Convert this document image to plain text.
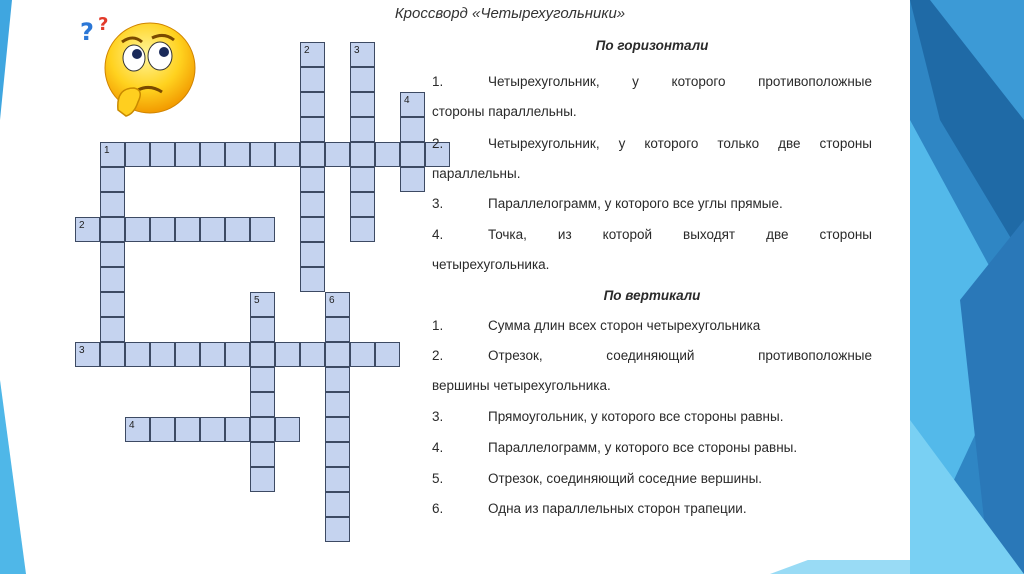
Кроссворд «Четырехугольники»
? ?
1
2
3
4
2	3
4
5	6
По горизонтали
1.	Четырехугольник, у которого противоположные
стороны параллельны.
2.	Четырехугольник, у которого только две стороны
параллельны.
3.	Параллелограмм, у которого все углы прямые.
4.	Точка, из которой выходят две стороны
четырехугольника.
По вертикали
1.	Сумма длин всех сторон четырехугольника
2.	Отрезок, соединяющий противоположные
вершины четырехугольника.
3.	Прямоугольник, у которого все стороны равны.
4.	Параллелограмм, у которого все стороны равны.
5.	Отрезок, соединяющий соседние вершины.
6.	Одна из параллельных сторон трапеции.
